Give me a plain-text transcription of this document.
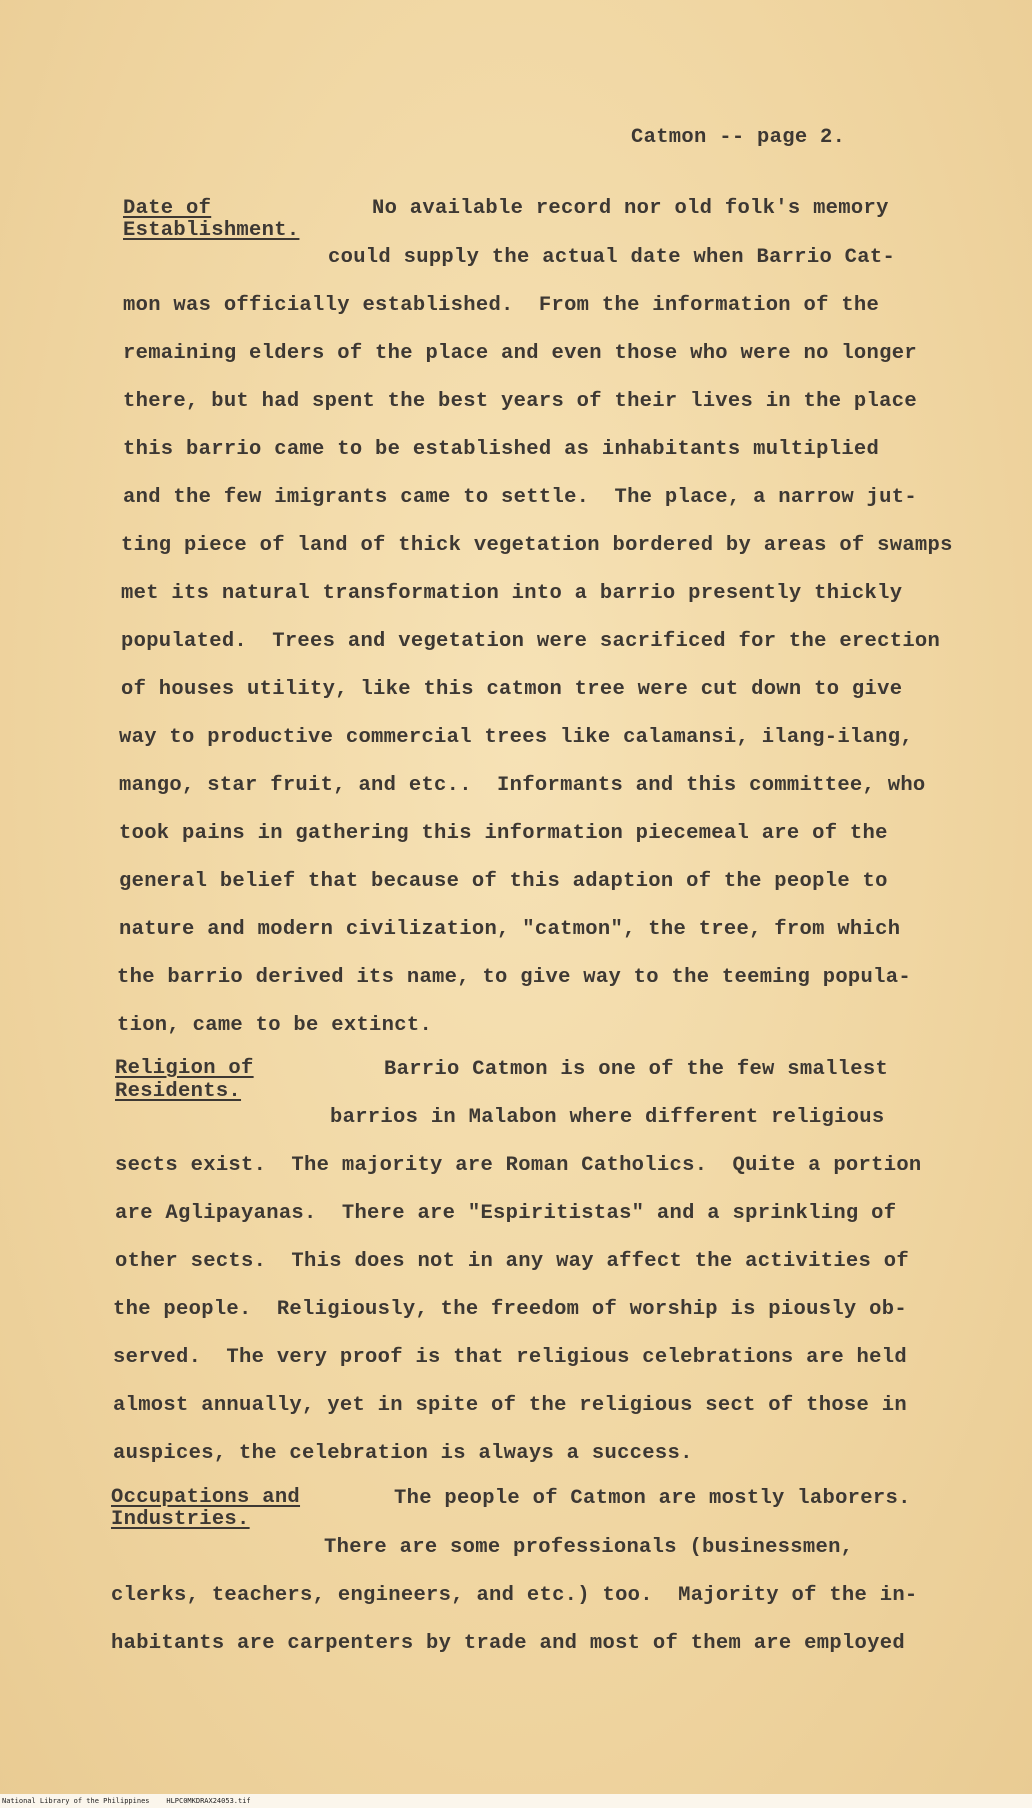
Catmon -- page 2.
Date of
Establishment.
No available record nor old folk's memory
could supply the actual date when Barrio Cat-
mon was officially established.  From the information of the
remaining elders of the place and even those who were no longer
there, but had spent the best years of their lives in the place
this barrio came to be established as inhabitants multiplied
and the few imigrants came to settle.  The place, a narrow jut-
ting piece of land of thick vegetation bordered by areas of swamps
met its natural transformation into a barrio presently thickly
populated.  Trees and vegetation were sacrificed for the erection
of houses utility, like this catmon tree were cut down to give
way to productive commercial trees like calamansi, ilang-ilang,
mango, star fruit, and etc..  Informants and this committee, who
took pains in gathering this information piecemeal are of the
general belief that because of this adaption of the people to
nature and modern civilization, "catmon", the tree, from which
the barrio derived its name, to give way to the teeming popula-
tion, came to be extinct.
Religion of
Residents.
Barrio Catmon is one of the few smallest
barrios in Malabon where different religious
sects exist.  The majority are Roman Catholics.  Quite a portion
are Aglipayanas.  There are "Espiritistas" and a sprinkling of
other sects.  This does not in any way affect the activities of
the people.  Religiously, the freedom of worship is piously ob-
served.  The very proof is that religious celebrations are held
almost annually, yet in spite of the religious sect of those in
auspices, the celebration is always a success.
Occupations and
Industries.
The people of Catmon are mostly laborers.
There are some professionals (businessmen,
clerks, teachers, engineers, and etc.) too.  Majority of the in-
habitants are carpenters by trade and most of them are employed
National Library of the Philippines    HLPC0MKDRAX24053.tif
